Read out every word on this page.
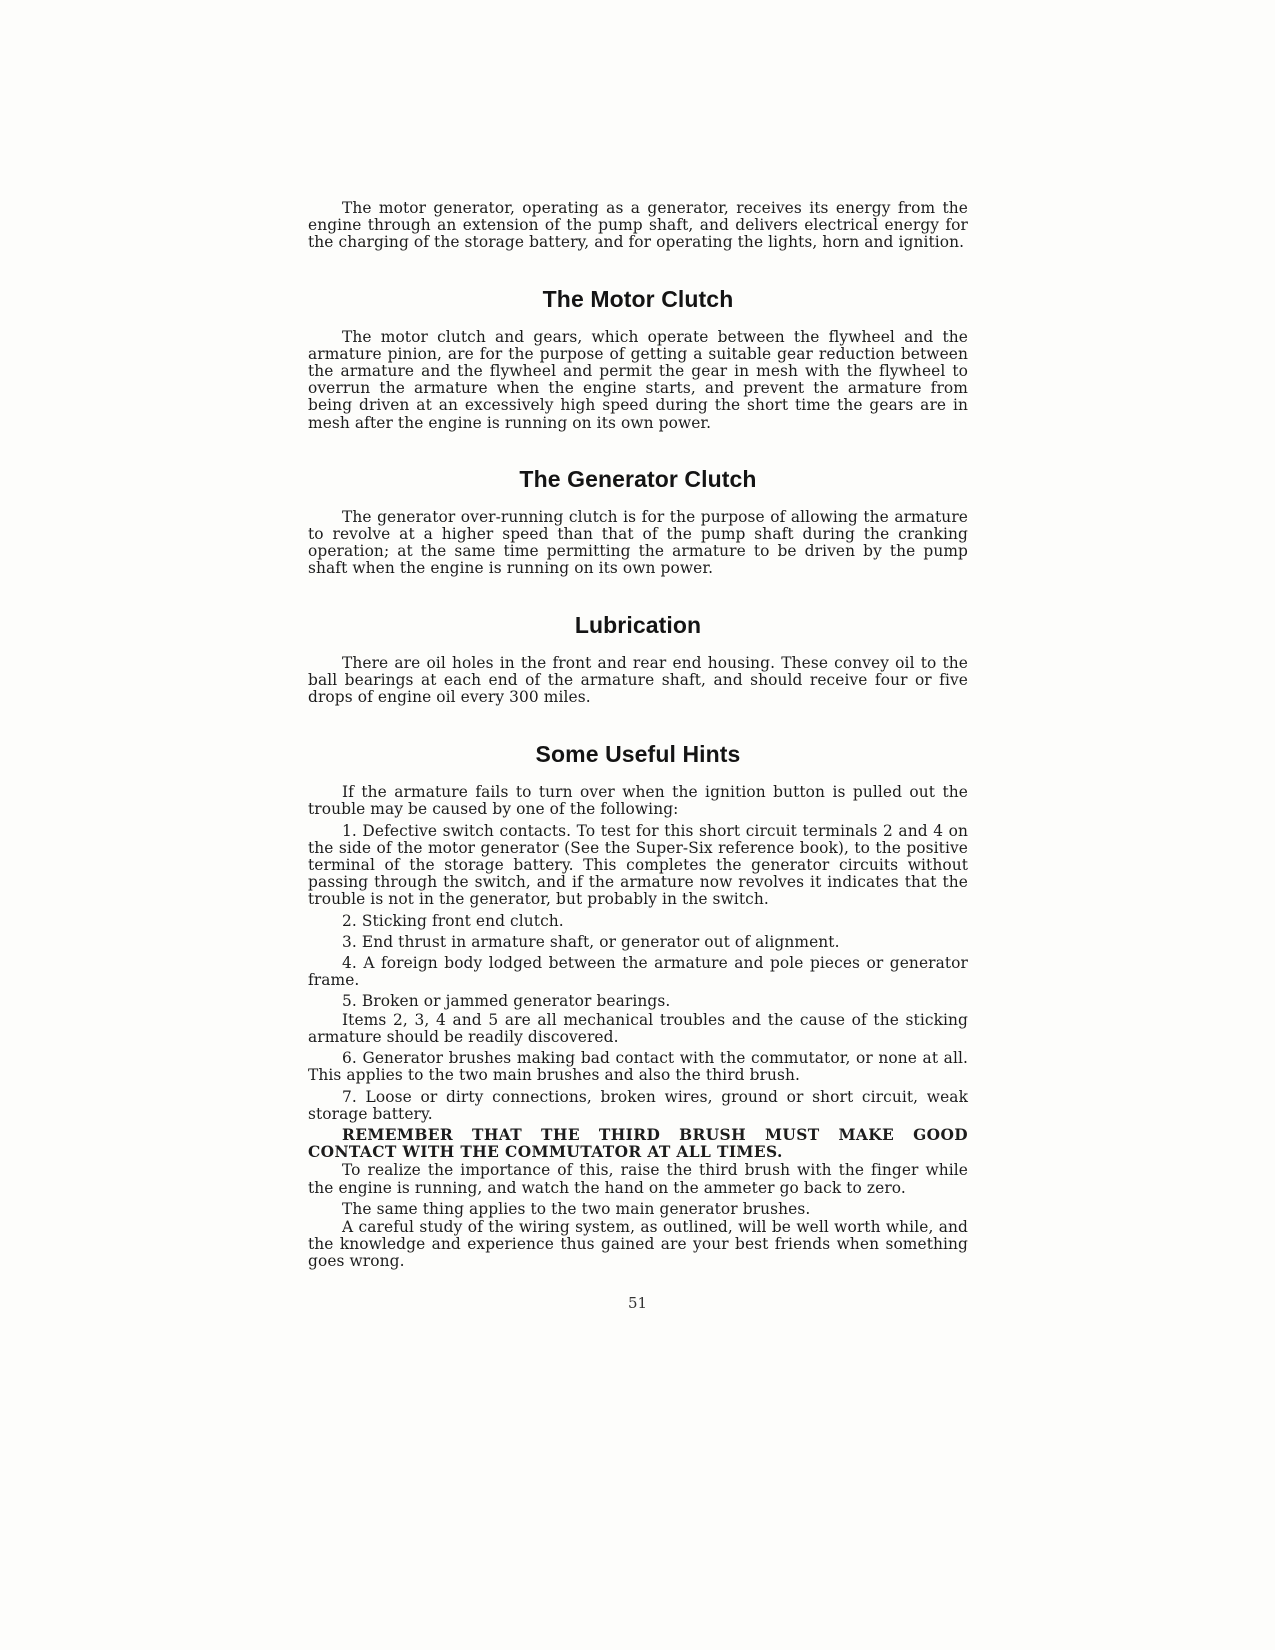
The motor generator, operating as a generator, receives its energy from the engine through an extension of the pump shaft, and delivers electrical energy for the charging of the storage battery, and for operating the lights, horn and ignition.

The Motor Clutch

The motor clutch and gears, which operate between the flywheel and the armature pinion, are for the purpose of getting a suitable gear reduction between the armature and the flywheel and permit the gear in mesh with the flywheel to overrun the armature when the engine starts, and prevent the armature from being driven at an excessively high speed during the short time the gears are in mesh after the engine is running on its own power.

The Generator Clutch

The generator over-running clutch is for the purpose of allowing the armature to revolve at a higher speed than that of the pump shaft during the cranking operation; at the same time permitting the armature to be driven by the pump shaft when the engine is running on its own power.

Lubrication

There are oil holes in the front and rear end housing. These convey oil to the ball bearings at each end of the armature shaft, and should receive four or five drops of engine oil every 300 miles.

Some Useful Hints

If the armature fails to turn over when the ignition button is pulled out the trouble may be caused by one of the following:

1. Defective switch contacts. To test for this short circuit terminals 2 and 4 on the side of the motor generator (See the Super-Six reference book), to the positive terminal of the storage battery. This completes the generator circuits without passing through the switch, and if the armature now revolves it indicates that the trouble is not in the generator, but probably in the switch.

2. Sticking front end clutch.

3. End thrust in armature shaft, or generator out of alignment.

4. A foreign body lodged between the armature and pole pieces or generator frame.

5. Broken or jammed generator bearings.

Items 2, 3, 4 and 5 are all mechanical troubles and the cause of the sticking armature should be readily discovered.

6. Generator brushes making bad contact with the commutator, or none at all. This applies to the two main brushes and also the third brush.

7. Loose or dirty connections, broken wires, ground or short circuit, weak storage battery.

REMEMBER THAT THE THIRD BRUSH MUST MAKE GOOD CONTACT WITH THE COMMUTATOR AT ALL TIMES.

To realize the importance of this, raise the third brush with the finger while the engine is running, and watch the hand on the ammeter go back to zero.

The same thing applies to the two main generator brushes.

A careful study of the wiring system, as outlined, will be well worth while, and the knowledge and experience thus gained are your best friends when something goes wrong.

51
